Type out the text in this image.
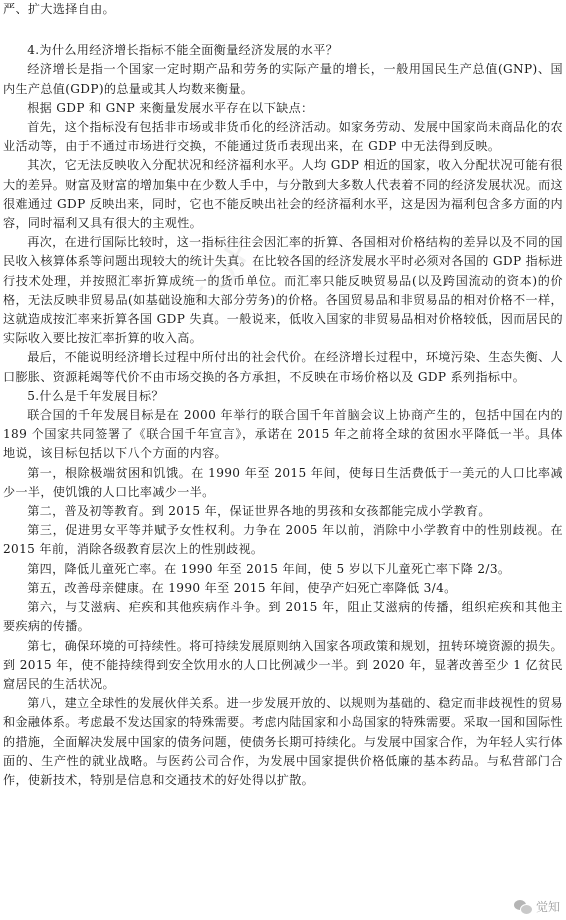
严、扩大选择自由。

4.为什么用经济增长指标不能全面衡量经济发展的水平？

经济增长是指一个国家一定时期产品和劳务的实际产量的增长，一般用国民生产总值(GNP)、国内生产总值(GDP)的总量或其人均数来衡量。

根据 GDP 和 GNP 来衡量发展水平存在以下缺点：

首先，这个指标没有包括非市场或非货币化的经济活动。如家务劳动、发展中国家尚未商品化的农业活动等，由于不通过市场进行交换，不能通过货币表现出来，在 GDP 中无法得到反映。

其次，它无法反映收入分配状况和经济福利水平。人均 GDP 相近的国家，收入分配状况可能有很大的差异。财富及财富的增加集中在少数人手中，与分散到大多数人代表着不同的经济发展状况。而这很难通过 GDP 反映出来，同时，它也不能反映出社会的经济福利水平，这是因为福利包含多方面的内容，同时福利又具有很大的主观性。

再次，在进行国际比较时，这一指标往往会因汇率的折算、各国相对价格结构的差异以及不同的国民收入核算体系等问题出现较大的统计失真。在比较各国的经济发展水平时必须对各国的 GDP 指标进行技术处理，并按照汇率折算成统一的货币单位。而汇率只能反映贸易品(以及跨国流动的资本)的价格，无法反映非贸易品(如基础设施和大部分劳务)的价格。各国贸易品和非贸易品的相对价格不一样，这就造成按汇率来折算各国 GDP 失真。一般说来，低收入国家的非贸易品相对价格较低，因而居民的实际收入要比按汇率折算的收入高。

最后，不能说明经济增长过程中所付出的社会代价。在经济增长过程中，环境污染、生态失衡、人口膨胀、资源耗竭等代价不由市场交换的各方承担，不反映在市场价格以及 GDP 系列指标中。

5.什么是千年发展目标？

联合国的千年发展目标是在 2000 年举行的联合国千年首脑会议上协商产生的，包括中国在内的 189 个国家共同签署了《联合国千年宣言》，承诺在 2015 年之前将全球的贫困水平降低一半。具体地说，该目标包括以下八个方面的内容。

第一，根除极端贫困和饥饿。在 1990 年至 2015 年间，使每日生活费低于一美元的人口比率减少一半，使饥饿的人口比率减少一半。

第二，普及初等教育。到 2015 年，保证世界各地的男孩和女孩都能完成小学教育。

第三，促进男女平等并赋予女性权利。力争在 2005 年以前，消除中小学教育中的性别歧视。在 2015 年前，消除各级教育层次上的性别歧视。

第四，降低儿童死亡率。在 1990 年至 2015 年间，使 5 岁以下儿童死亡率下降 2/3。

第五，改善母亲健康。在 1990 年至 2015 年间，使孕产妇死亡率降低 3/4。

第六，与艾滋病、疟疾和其他疾病作斗争。到 2015 年，阻止艾滋病的传播，组织疟疾和其他主要疾病的传播。

第七，确保环境的可持续性。将可持续发展原则纳入国家各项政策和规划，扭转环境资源的损失。到 2015 年，使不能持续得到安全饮用水的人口比例减少一半。到 2020 年，显著改善至少 1 亿贫民窟居民的生活状况。

第八，建立全球性的发展伙伴关系。进一步发展开放的、以规则为基础的、稳定而非歧视性的贸易和金融体系。考虑最不发达国家的特殊需要。考虑内陆国家和小岛国家的特殊需要。采取一国和国际性的措施，全面解决发展中国家的债务问题，使债务长期可持续化。与发展中国家合作，为年轻人实行体面的、生产性的就业战略。与医药公司合作，为发展中国家提供价格低廉的基本药品。与私营部门合作，使新技术，特别是信息和交通技术的好处得以扩散。

TOP
觉知
